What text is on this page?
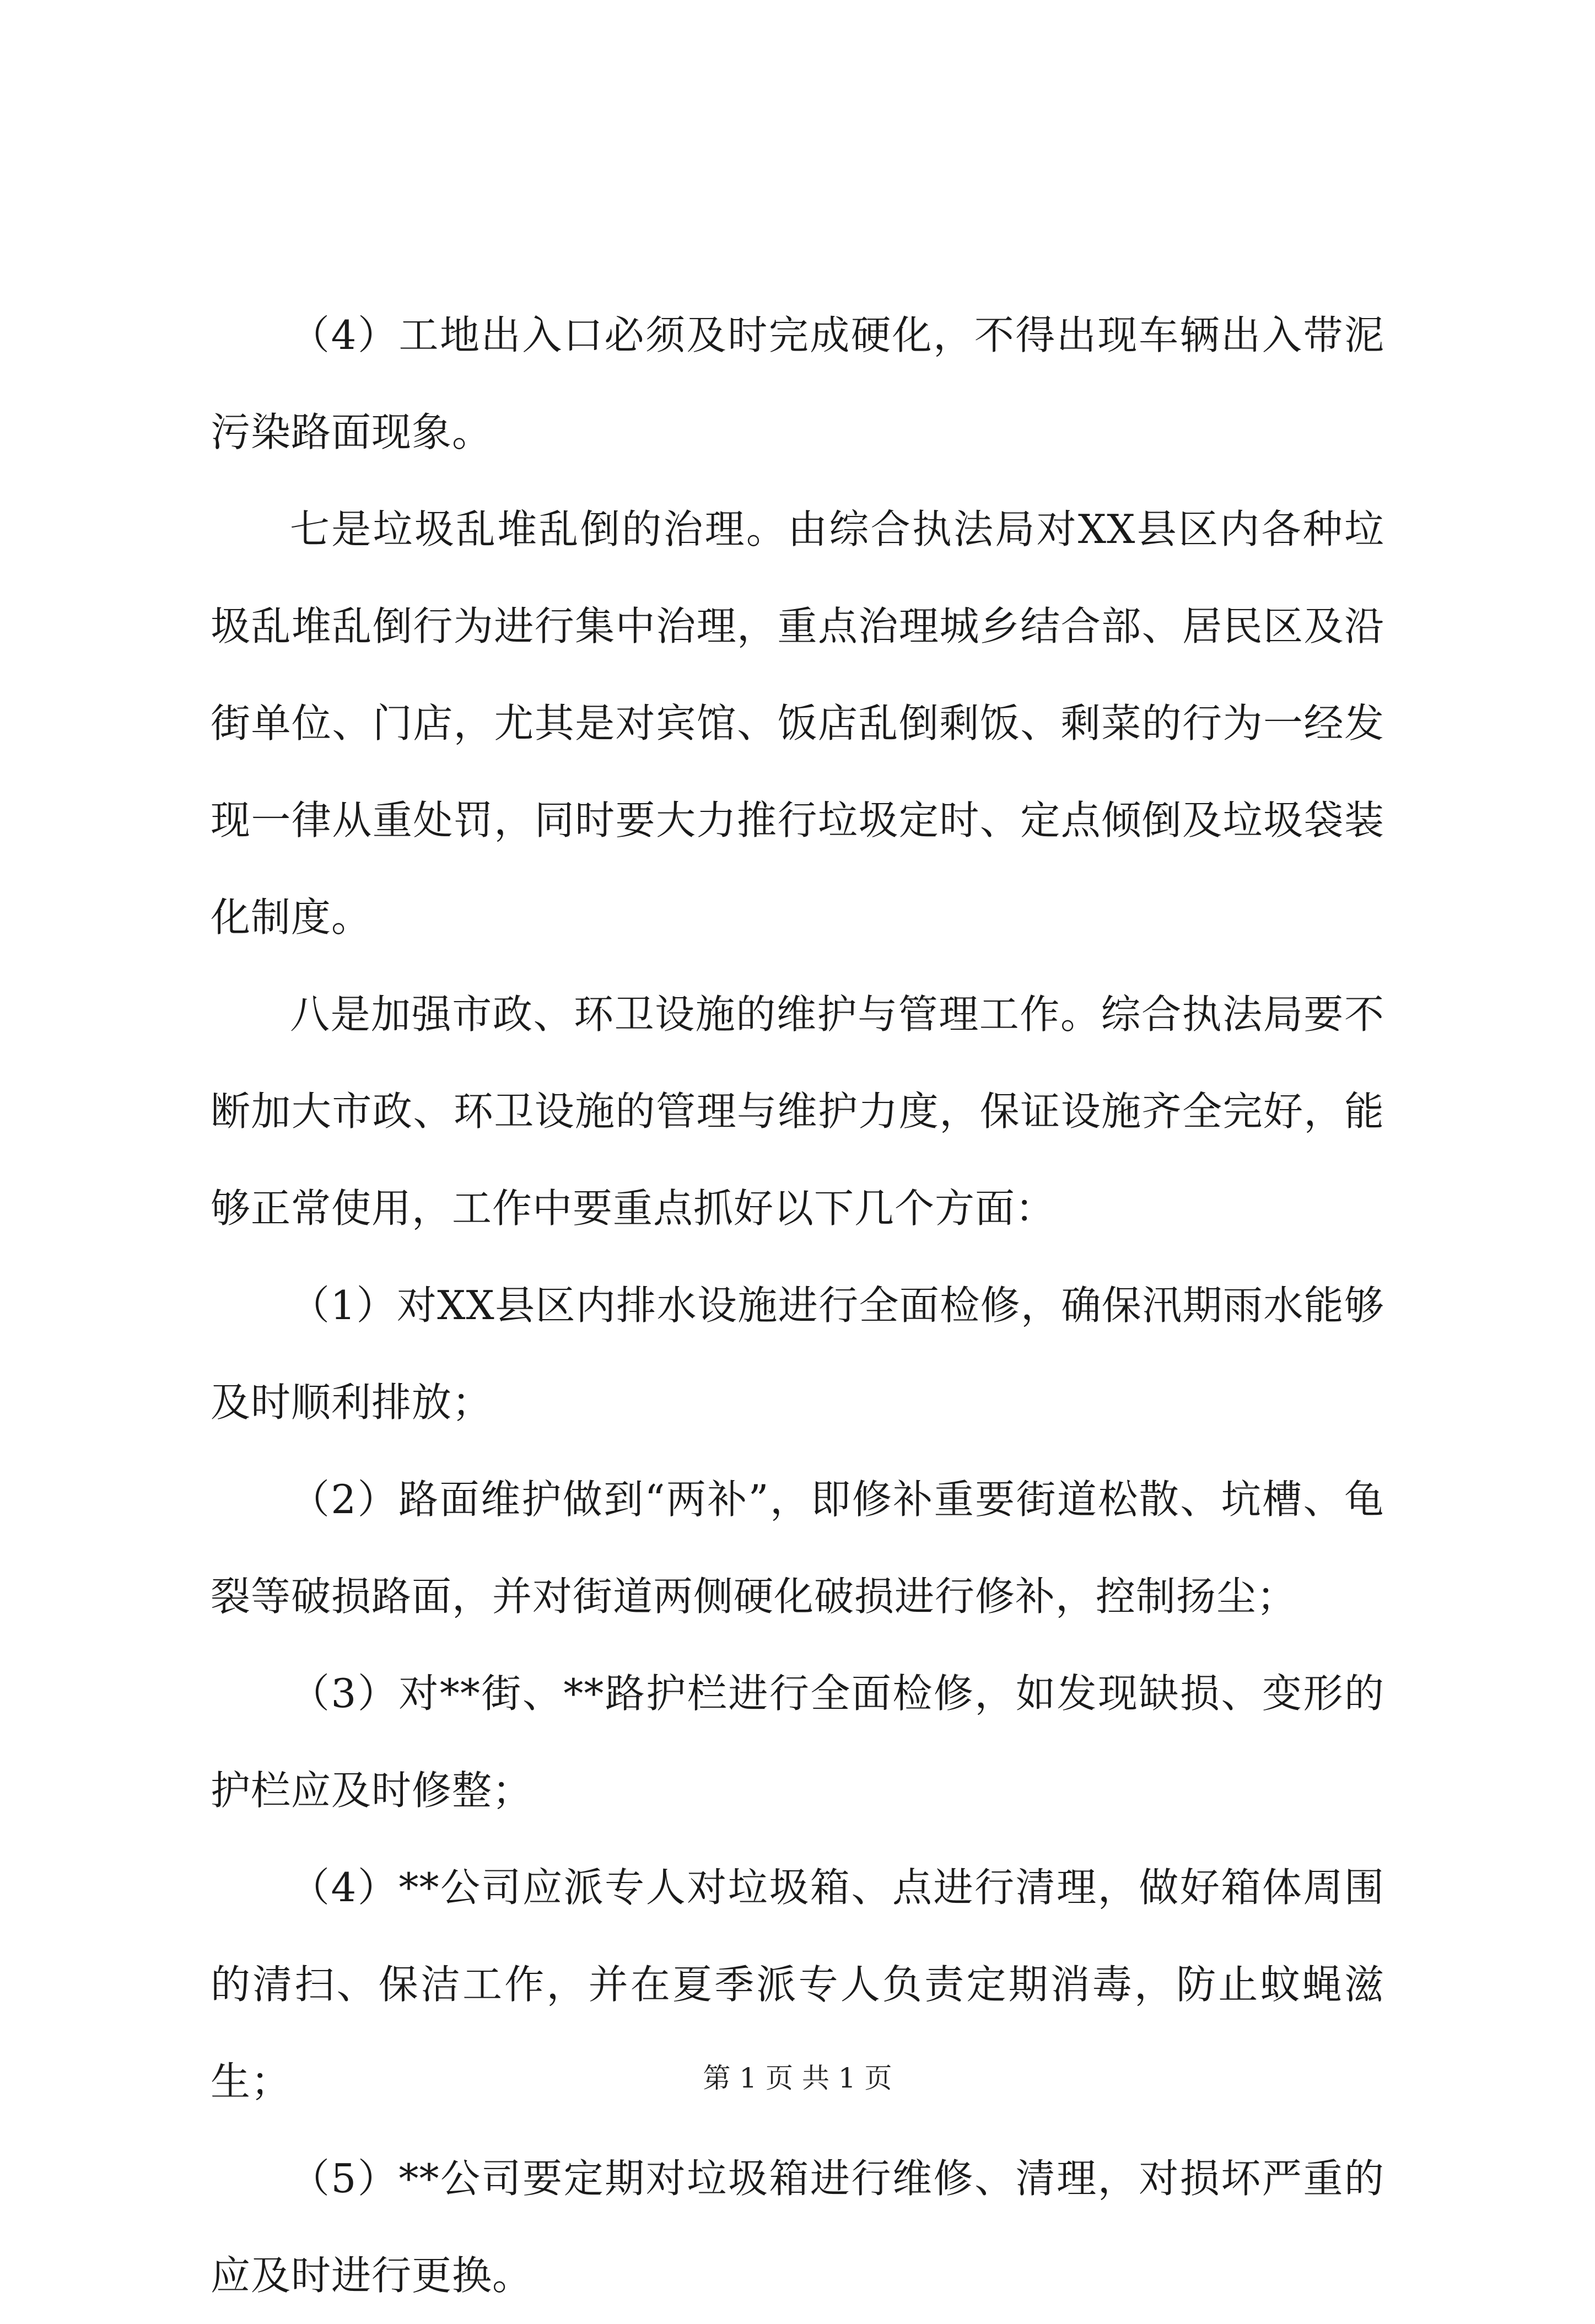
（4）工地出入口必须及时完成硬化，不得出现车辆出入带泥污染路面现象。

七是垃圾乱堆乱倒的治理。由综合执法局对XX县区内各种垃圾乱堆乱倒行为进行集中治理，重点治理城乡结合部、居民区及沿街单位、门店，尤其是对宾馆、饭店乱倒剩饭、剩菜的行为一经发现一律从重处罚，同时要大力推行垃圾定时、定点倾倒及垃圾袋装化制度。

八是加强市政、环卫设施的维护与管理工作。综合执法局要不断加大市政、环卫设施的管理与维护力度，保证设施齐全完好，能够正常使用，工作中要重点抓好以下几个方面：

（1）对XX县区内排水设施进行全面检修，确保汛期雨水能够及时顺利排放；

（2）路面维护做到“两补”，即修补重要街道松散、坑槽、龟裂等破损路面，并对街道两侧硬化破损进行修补，控制扬尘；

（3）对**街、**路护栏进行全面检修，如发现缺损、变形的护栏应及时修整；

（4）**公司应派专人对垃圾箱、点进行清理，做好箱体周围的清扫、保洁工作，并在夏季派专人负责定期消毒，防止蚊蝇滋生；

（5）**公司要定期对垃圾箱进行维修、清理，对损坏严重的应及时进行更换。

第 1 页 共 1 页
